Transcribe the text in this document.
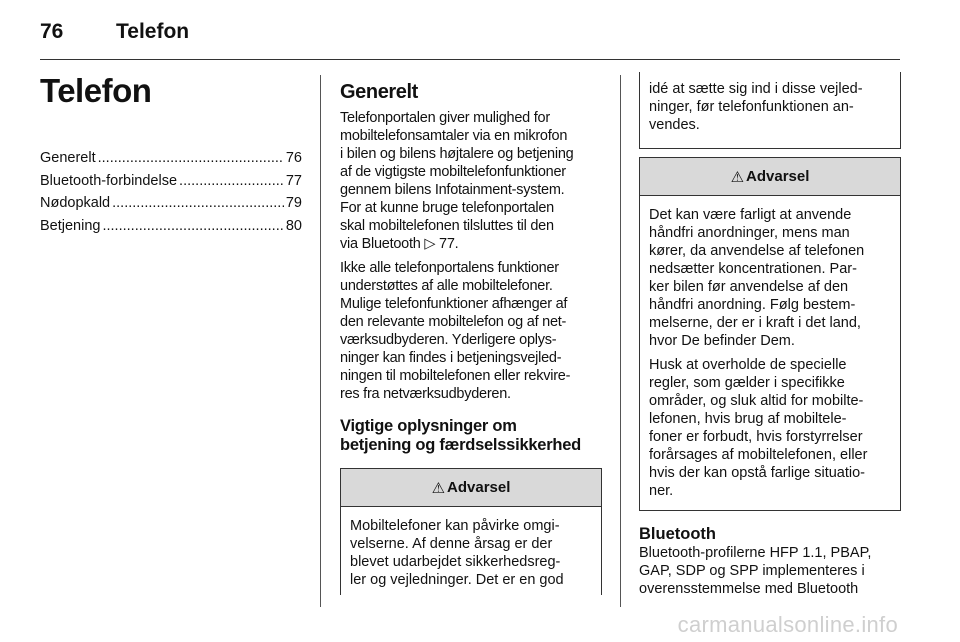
76	Telefon
Telefon
Generelt .....	76
Bluetooth-forbindelse .....	77
Nødopkald .....	79
Betjening .....	80
Generelt
Telefonportalen giver mulighed for
mobiltelefonsamtaler via en mikrofon
i bilen og bilens højtalere og betjening
af de vigtigste mobiltelefonfunktioner
gennem bilens Infotainment-system.
For at kunne bruge telefonportalen
skal mobiltelefonen tilsluttes til den
via Bluetooth ▷ 77.
Ikke alle telefonportalens funktioner
understøttes af alle mobiltelefoner.
Mulige telefonfunktioner afhænger af
den relevante mobiltelefon og af net-
værksudbyderen. Yderligere oplys-
ninger kan findes i betjeningsvejled-
ningen til mobiltelefonen eller rekvire-
res fra netværksudbyderen.
Vigtige oplysninger om
betjening og færdselssikkerhed
⚠ Advarsel
Mobiltelefoner kan påvirke omgi-
velserne. Af denne årsag er der
blevet udarbejdet sikkerhedsreg-
ler og vejledninger. Det er en god
idé at sætte sig ind i disse vejled-
ninger, før telefonfunktionen an-
vendes.
⚠ Advarsel
Det kan være farligt at anvende
håndfri anordninger, mens man
kører, da anvendelse af telefonen
nedsætter koncentrationen. Par-
ker bilen før anvendelse af den
håndfri anordning. Følg bestem-
melserne, der er i kraft i det land,
hvor De befinder Dem.
Husk at overholde de specielle
regler, som gælder i specifikke
områder, og sluk altid for mobilte-
lefonen, hvis brug af mobiltele-
foner er forbudt, hvis forstyrrelser
forårsages af mobiltelefonen, eller
hvis der kan opstå farlige situatio-
ner.
Bluetooth
Bluetooth-profilerne HFP 1.1, PBAP,
GAP, SDP og SPP implementeres i
overensstemmelse med Bluetooth
carmanualsonline.info
